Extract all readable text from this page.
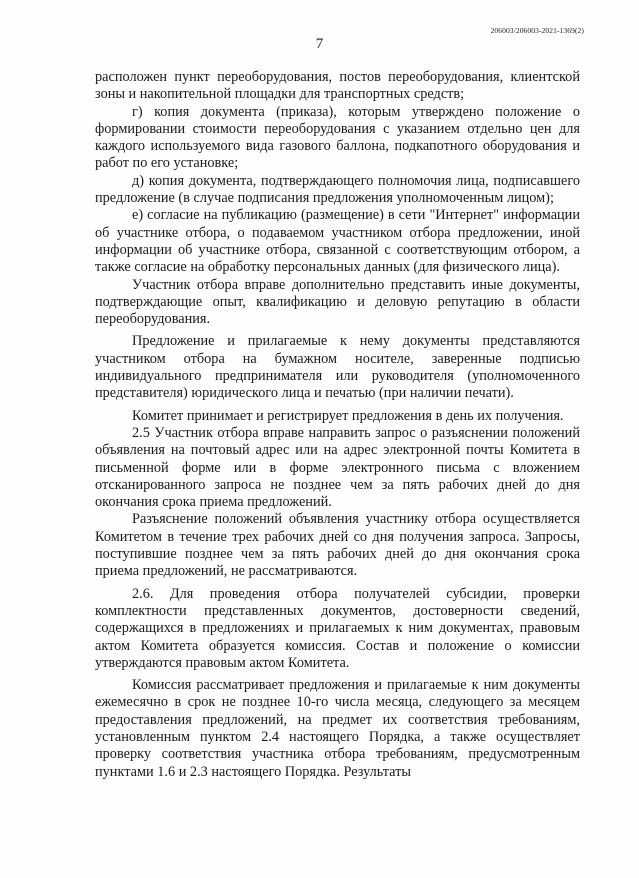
206003/206003-2021-1369(2)
7

расположен пункт переоборудования, постов переоборудования, клиентской зоны и накопительной площадки для транспортных средств;

г) копия документа (приказа), которым утверждено положение о формировании стоимости переоборудования с указанием отдельно цен для каждого используемого вида газового баллона, подкапотного оборудования и работ по его установке;

д) копия документа, подтверждающего полномочия лица, подписавшего предложение (в случае подписания предложения уполномоченным лицом);

е) согласие на публикацию (размещение) в сети "Интернет" информации об участнике отбора, о подаваемом участником отбора предложении, иной информации об участнике отбора, связанной с соответствующим отбором, а также согласие на обработку персональных данных (для физического лица).

Участник отбора вправе дополнительно представить иные документы, подтверждающие опыт, квалификацию и деловую репутацию в области переоборудования.

Предложение и прилагаемые к нему документы представляются участником отбора на бумажном носителе, заверенные подписью индивидуального предпринимателя или руководителя (уполномоченного представителя) юридического лица и печатью (при наличии печати).

Комитет принимает и регистрирует предложения в день их получения.

2.5 Участник отбора вправе направить запрос о разъяснении положений объявления на почтовый адрес или на адрес электронной почты Комитета в письменной форме или в форме электронного письма с вложением отсканированного запроса не позднее чем за пять рабочих дней до дня окончания срока приема предложений.

Разъяснение положений объявления участнику отбора осуществляется Комитетом в течение трех рабочих дней со дня получения запроса. Запросы, поступившие позднее чем за пять рабочих дней до дня окончания срока приема предложений, не рассматриваются.

2.6. Для проведения отбора получателей субсидии, проверки комплектности представленных документов, достоверности сведений, содержащихся в предложениях и прилагаемых к ним документах, правовым актом Комитета образуется комиссия. Состав и положение о комиссии утверждаются правовым актом Комитета.

Комиссия рассматривает предложения и прилагаемые к ним документы ежемесячно в срок не позднее 10-го числа месяца, следующего за месяцем предоставления предложений, на предмет их соответствия требованиям, установленным пунктом 2.4 настоящего Порядка, а также осуществляет проверку соответствия участника отбора требованиям, предусмотренным пунктами 1.6 и 2.3 настоящего Порядка. Результаты
